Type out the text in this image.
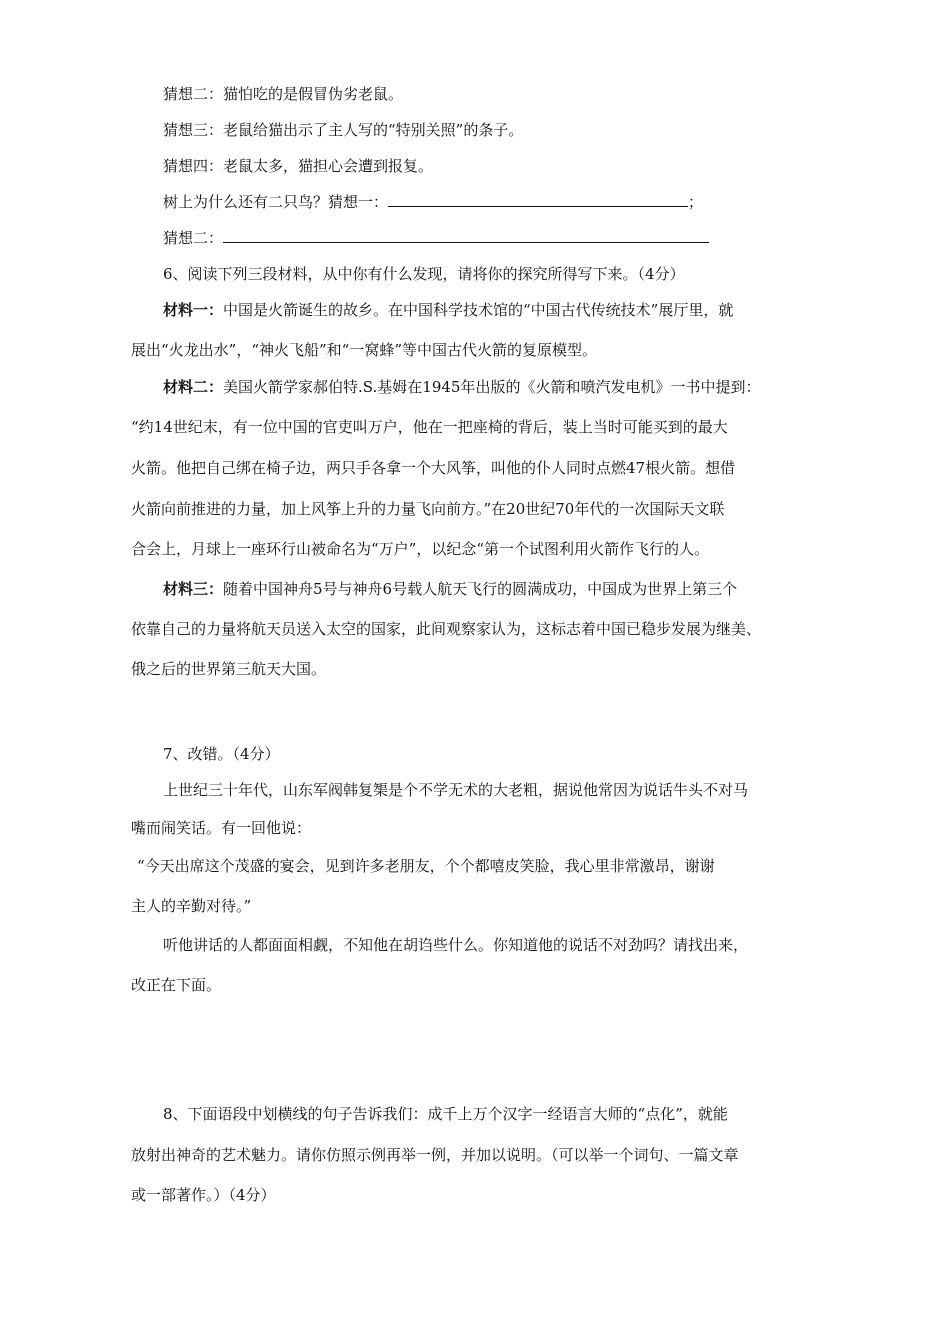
猜想二：猫怕吃的是假冒伪劣老鼠。
猜想三：老鼠给猫出示了主人写的“特别关照”的条子。
猜想四：老鼠太多，猫担心会遭到报复。
树上为什么还有二只鸟？猜想一：	；
猜想二：
6、阅读下列三段材料，从中你有什么发现，请将你的探究所得写下来。（4分）
材料一：中国是火箭诞生的故乡。在中国科学技术馆的“中国古代传统技术”展厅里，就
展出“火龙出水”，“神火飞船”和“一窝蜂”等中国古代火箭的复原模型。
材料二：美国火箭学家郝伯特.S.基姆在1945年出版的《火箭和喷汽发电机》一书中提到：
“约14世纪末，有一位中国的官吏叫万户，他在一把座椅的背后，装上当时可能买到的最大
火箭。他把自己绑在椅子边，两只手各拿一个大风筝，叫他的仆人同时点燃47根火箭。想借
火箭向前推进的力量，加上风筝上升的力量飞向前方。”在20世纪70年代的一次国际天文联
合会上，月球上一座环行山被命名为“万户”，以纪念“第一个试图利用火箭作飞行的人。
材料三：随着中国神舟5号与神舟6号载人航天飞行的圆满成功，中国成为世界上第三个
依靠自己的力量将航天员送入太空的国家，此间观察家认为，这标志着中国已稳步发展为继美、
俄之后的世界第三航天大国。
7、改错。（4分）
上世纪三十年代，山东军阀韩复榘是个不学无术的大老粗，据说他常因为说话牛头不对马
嘴而闹笑话。有一回他说：
“今天出席这个茂盛的宴会，见到许多老朋友，个个都嘻皮笑脸，我心里非常激昂，谢谢
主人的辛勤对待。”
听他讲话的人都面面相觑，不知他在胡诌些什么。你知道他的说话不对劲吗？请找出来，
改正在下面。
8、下面语段中划横线的句子告诉我们：成千上万个汉字一经语言大师的“点化”，就能
放射出神奇的艺术魅力。请你仿照示例再举一例，并加以说明。（可以举一个词句、一篇文章
或一部著作。）（4分）
